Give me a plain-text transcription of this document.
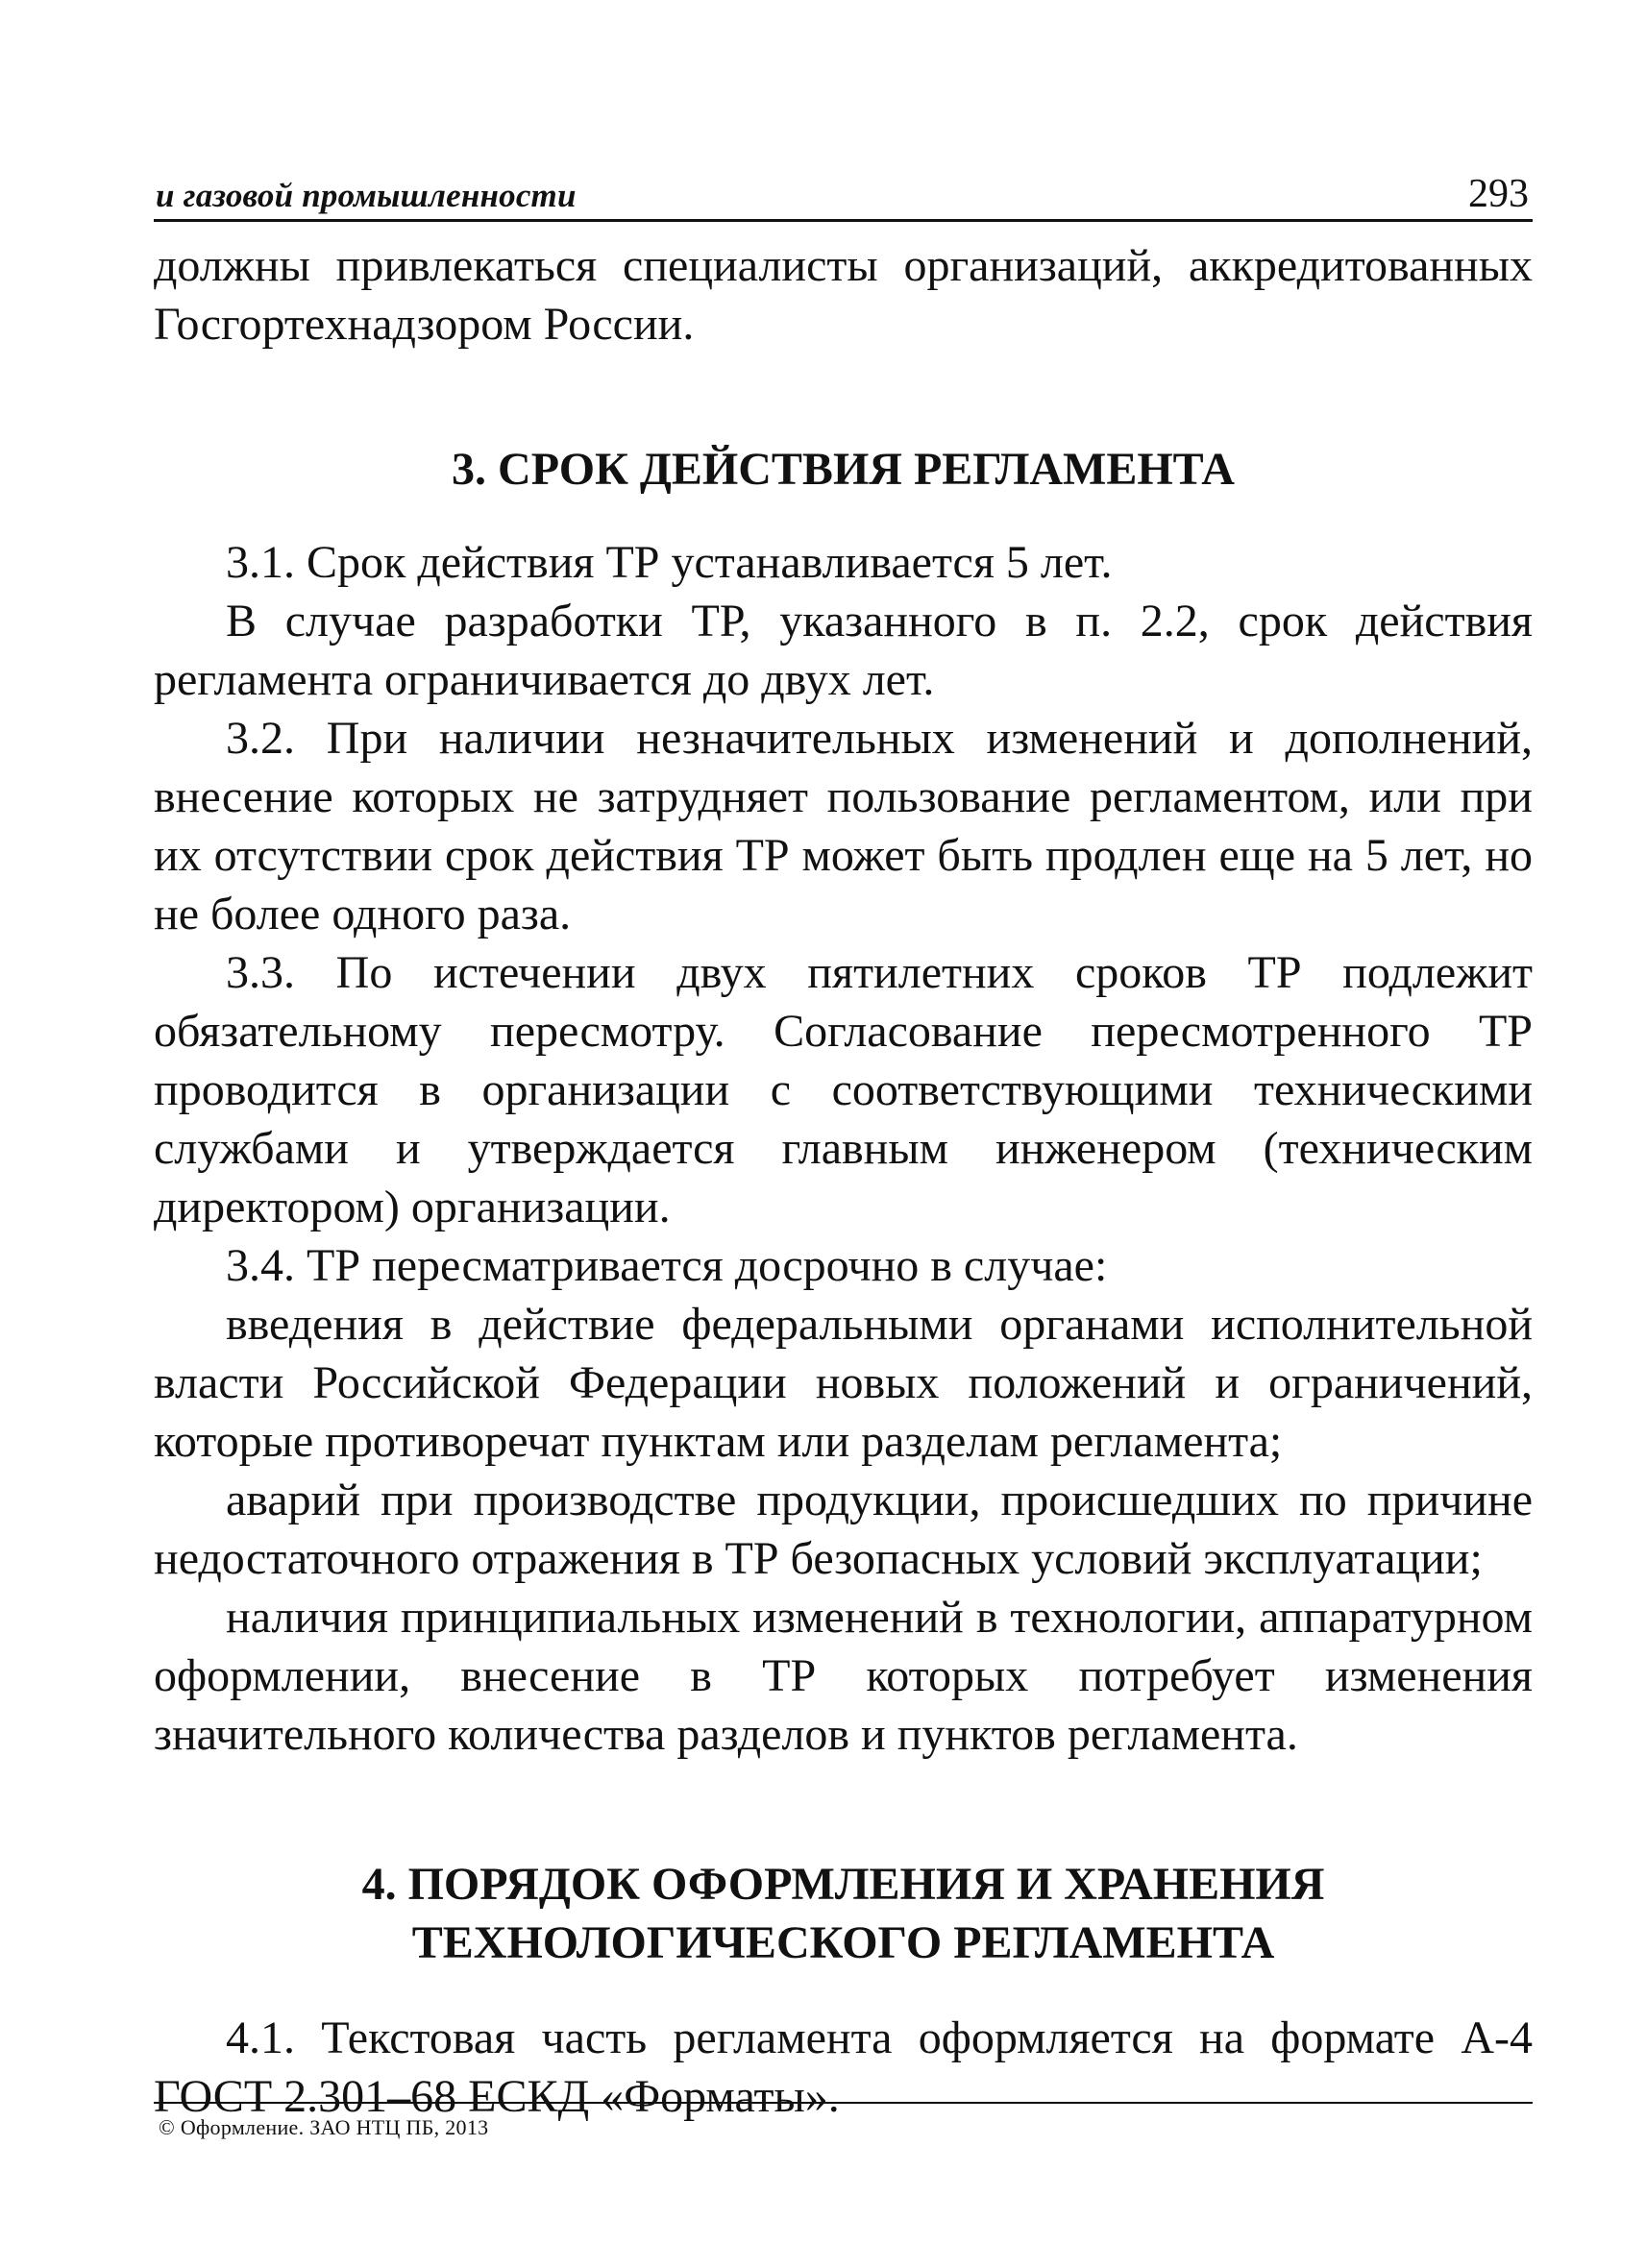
и газовой промышленности	293

должны привлекаться специалисты организаций, аккредитованных Госгортехнадзором России.

3. СРОК ДЕЙСТВИЯ РЕГЛАМЕНТА

3.1. Срок действия ТР устанавливается 5 лет.

В случае разработки ТР, указанного в п. 2.2, срок действия регламента ограничивается до двух лет.

3.2. При наличии незначительных изменений и дополнений, внесение которых не затрудняет пользование регламентом, или при их отсутствии срок действия ТР может быть продлен еще на 5 лет, но не более одного раза.

3.3. По истечении двух пятилетних сроков ТР подлежит обязательному пересмотру. Согласование пересмотренного ТР проводится в организации с соответствующими техническими службами и утверждается главным инженером (техническим директором) организации.

3.4. ТР пересматривается досрочно в случае:

введения в действие федеральными органами исполнительной власти Российской Федерации новых положений и ограничений, которые противоречат пунктам или разделам регламента;

аварий при производстве продукции, происшедших по причине недостаточного отражения в ТР безопасных условий эксплуатации;

наличия принципиальных изменений в технологии, аппаратурном оформлении, внесение в ТР которых потребует изменения значительного количества разделов и пунктов регламента.

4. ПОРЯДОК ОФОРМЛЕНИЯ И ХРАНЕНИЯ
ТЕХНОЛОГИЧЕСКОГО РЕГЛАМЕНТА

4.1. Текстовая часть регламента оформляется на формате А-4 ГОСТ 2.301–68 ЕСКД «Форматы».

© Оформление. ЗАО НТЦ ПБ, 2013
